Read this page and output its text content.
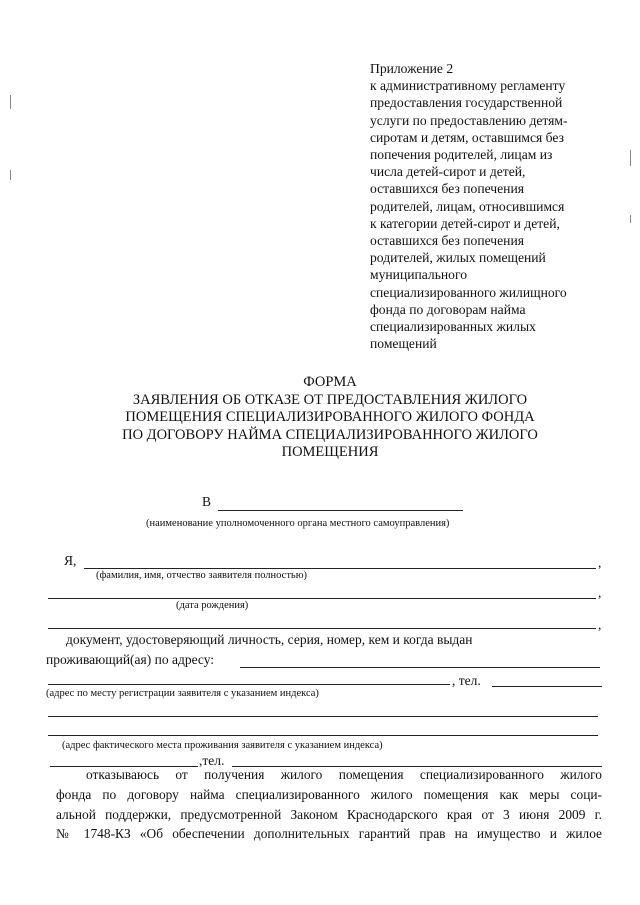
Приложение 2
к административному регламенту
предоставления государственной
услуги по предоставлению детям-
сиротам и детям, оставшимся без
попечения родителей, лицам из
числа детей-сирот и детей,
оставшихся без попечения
родителей, лицам, относившимся
к категории детей-сирот и детей,
оставшихся без попечения
родителей, жилых помещений
муниципального
специализированного жилищного
фонда по договорам найма
специализированных жилых
помещений
ФОРМА
ЗАЯВЛЕНИЯ ОБ ОТКАЗЕ ОТ ПРЕДОСТАВЛЕНИЯ ЖИЛОГО
ПОМЕЩЕНИЯ СПЕЦИАЛИЗИРОВАННОГО ЖИЛОГО ФОНДА
ПО ДОГОВОРУ НАЙМА СПЕЦИАЛИЗИРОВАННОГО ЖИЛОГО
ПОМЕЩЕНИЯ
В
(наименование уполномоченного органа местного самоуправления)
Я,	,
(фамилия, имя, отчество заявителя полностью)
,
(дата рождения)
,
документ, удостоверяющий личность, серия, номер, кем и когда выдан
проживающий(ая) по адресу:
, тел.
(адрес по месту регистрации заявителя с указанием индекса)
(адрес фактического места проживания заявителя с указанием индекса)
,тел.
отказываюсь от получения жилого помещения специализированного жилого
фонда по договору найма специализированного жилого помещения как меры соци-
альной поддержки, предусмотренной Законом Краснодарского края от 3 июня 2009 г.
№ 1748-КЗ «Об обеспечении дополнительных гарантий прав на имущество и жилое
